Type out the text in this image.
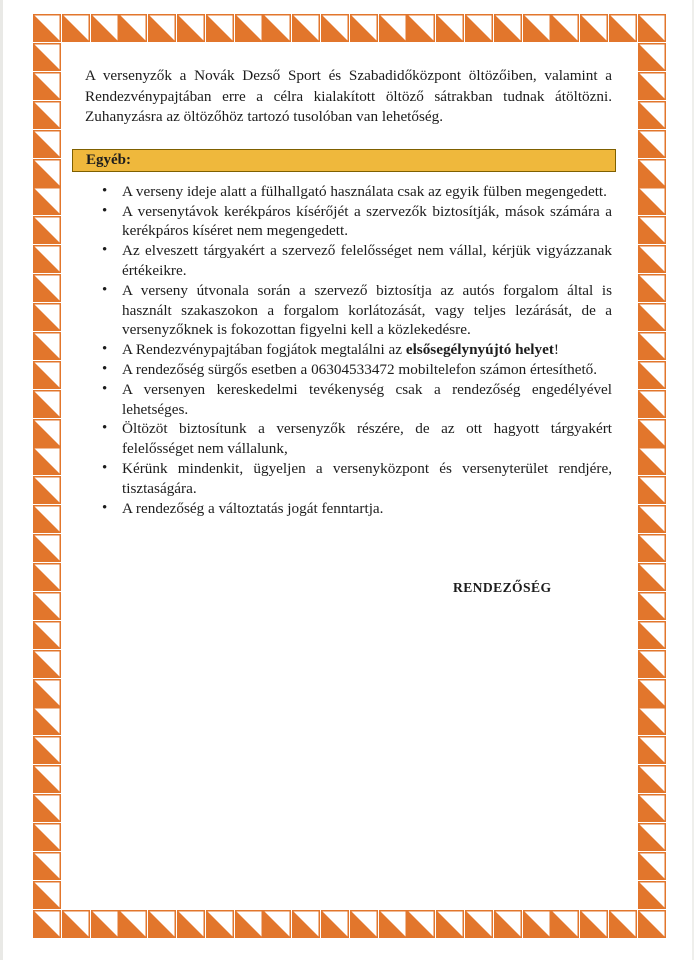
A versenyzők a Novák Dezső Sport és Szabadidőközpont öltözőiben, valamint a Rendezvénypajtában erre a célra kialakított öltöző sátrakban tudnak átöltözni. Zuhanyzásra az öltözőhöz tartozó tusolóban van lehetőség.

Egyéb:
• A verseny ideje alatt a fülhallgató használata csak az egyik fülben megengedett.
• A versenytávok kerékpáros kísérőjét a szervezők biztosítják, mások számára a kerékpáros kíséret nem megengedett.
• Az elveszett tárgyakért a szervező felelősséget nem vállal, kérjük vigyázzanak értékeikre.
• A verseny útvonala során a szervező biztosítja az autós forgalom által is használt szakaszokon a forgalom korlátozását, vagy teljes lezárását, de a versenyzőknek is fokozottan figyelni kell a közlekedésre.
• A Rendezvénypajtában fogjátok megtalálni az elsősegélynyújtó helyet!
• A rendezőség sürgős esetben a 06304533472 mobiltelefon számon értesíthető.
• A versenyen kereskedelmi tevékenység csak a rendezőség engedélyével lehetséges.
• Öltözöt biztosítunk a versenyzők részére, de az ott hagyott tárgyakért felelősséget nem vállalunk,
• Kérünk mindenkit, ügyeljen a versenyközpont és versenyterület rendjére, tisztaságára.
• A rendezőség a változtatás jogát fenntartja.
RENDEZŐSÉG
